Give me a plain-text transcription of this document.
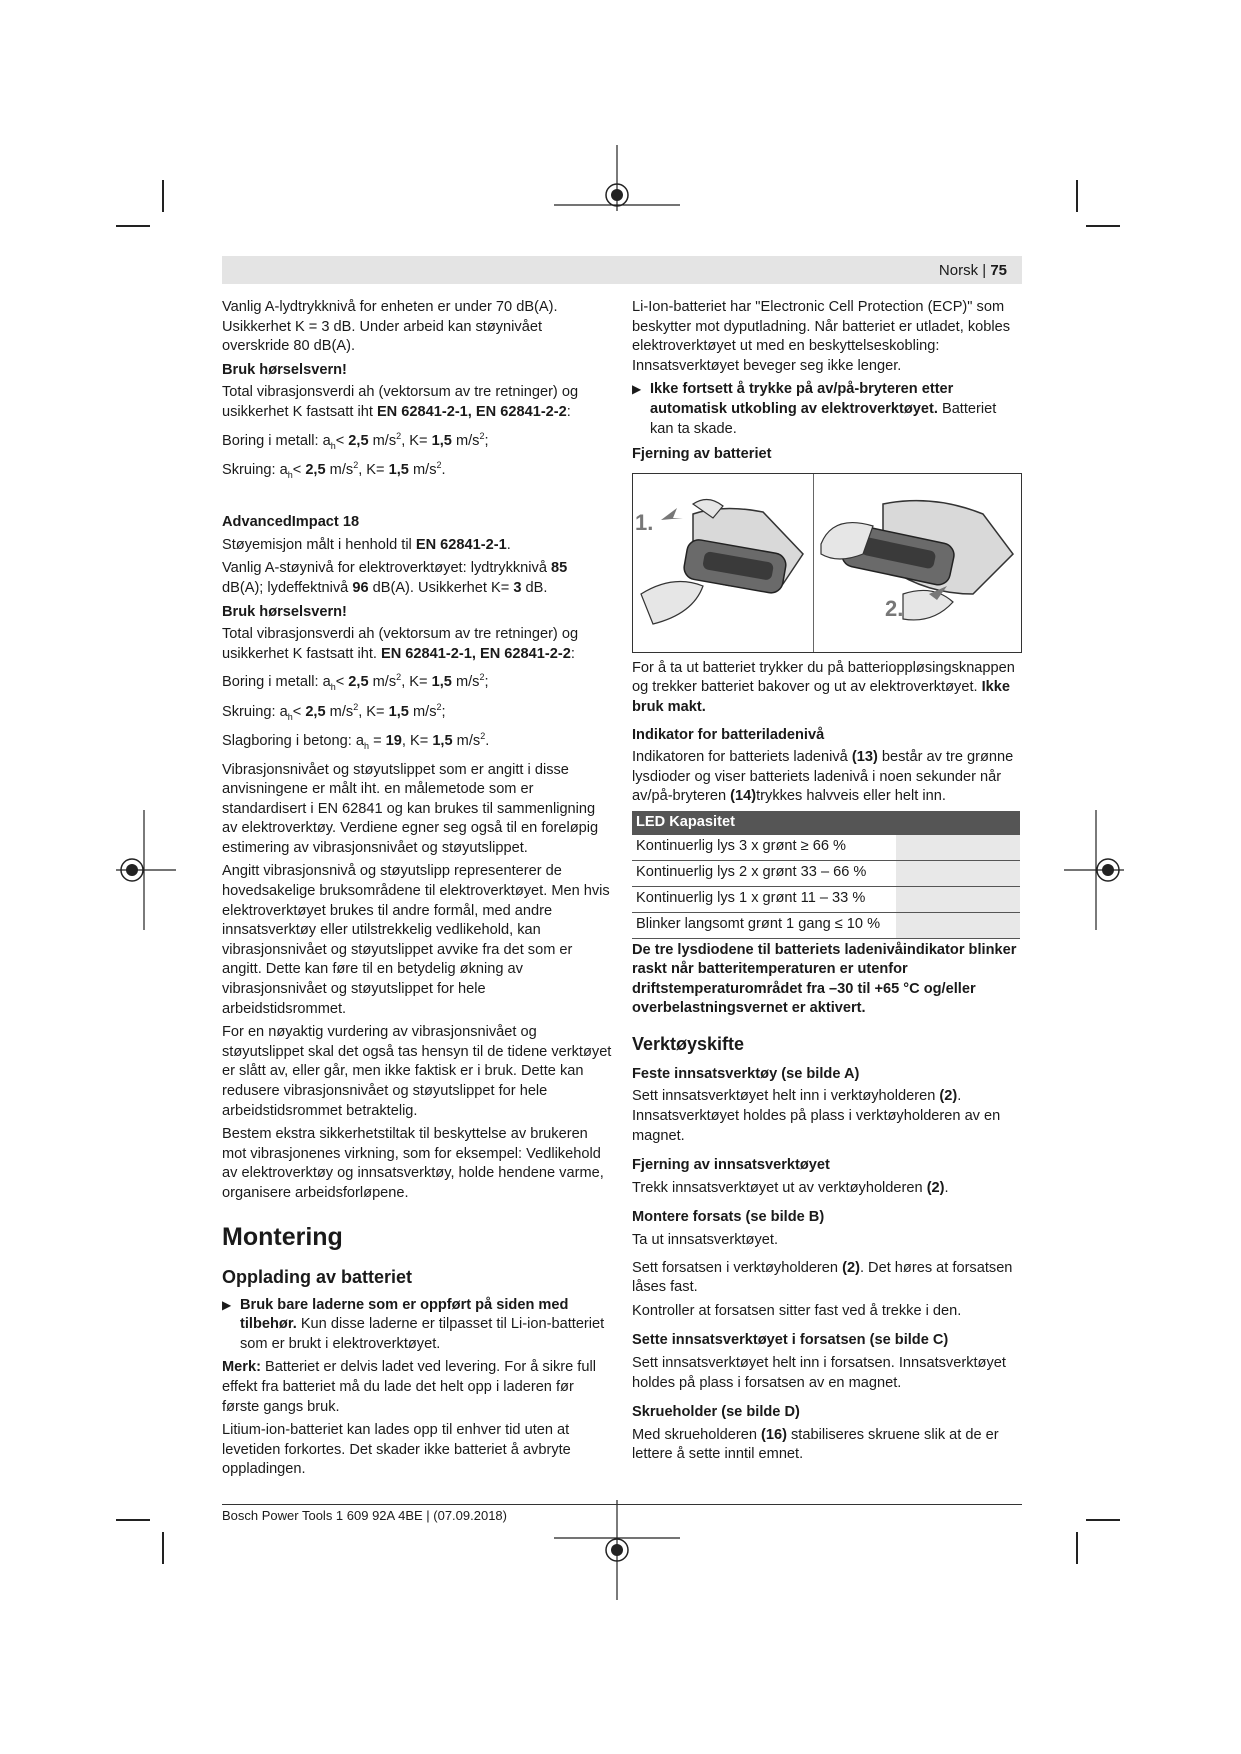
Norsk | 75

Vanlig A-lydtrykknivå for enheten er under 70 dB(A). Usikkerhet K = 3 dB. Under arbeid kan støynivået overskride 80 dB(A).

Bruk hørselsvern!

Total vibrasjonsverdi ah (vektorsum av tre retninger) og usikkerhet K fastsatt iht EN 62841-2-1, EN 62841-2-2:

Boring i metall: $a_h< 2,5$ $m/s^2$, K= 1,5 $m/s^2$;
Skruing: $a_h< 2,5$ $m/s^2$, K= 1,5 $m/s^2$.

AdvancedImpact 18

Støyemisjon målt i henhold til EN 62841-2-1.

Vanlig A-støynivå for elektroverktøyet: lydtrykknivå 85 dB(A); lydeffektnivå 96 dB(A). Usikkerhet K= 3 dB.

Bruk hørselsvern!

Total vibrasjonsverdi ah (vektorsum av tre retninger) og usikkerhet K fastsatt iht. EN 62841-2-1, EN 62841-2-2:

Boring i metall: $a_h< 2,5$ $m/s^2$, K= 1,5 $m/s^2$;
Skruing: $a_h< 2,5$ $m/s^2$, K= 1,5 $m/s^2$;
Slagboring i betong: $a_h = 19$, K= 1,5 $m/s^2$.

Vibrasjonsnivået og støyutslippet som er angitt i disse anvisningene er målt iht. en målemetode som er standardisert i EN 62841 og kan brukes til sammenligning av elektroverktøy. Verdiene egner seg også til en foreløpig estimering av vibrasjonsnivået og støyutslippet.

Angitt vibrasjonsnivå og støyutslipp representerer de hovedsakelige bruksområdene til elektroverktøyet. Men hvis elektroverktøyet brukes til andre formål, med andre innsatsverktøy eller utilstrekkelig vedlikehold, kan vibrasjonsnivået og støyutslippet avvike fra det som er angitt. Dette kan føre til en betydelig økning av vibrasjonsnivået og støyutslippet for hele arbeidstidsrommet.

For en nøyaktig vurdering av vibrasjonsnivået og støyutslippet skal det også tas hensyn til de tidene verktøyet er slått av, eller går, men ikke faktisk er i bruk. Dette kan redusere vibrasjonsnivået og støyutslippet for hele arbeidstidsrommet betraktelig.

Bestem ekstra sikkerhetstiltak til beskyttelse av brukeren mot vibrasjonenes virkning, som for eksempel: Vedlikehold av elektroverktøy og innsatsverktøy, holde hendene varme, organisere arbeidsforløpene.

Montering
Opplading av batteriet
▶ Bruk bare laderne som er oppført på siden med tilbehør. Kun disse laderne er tilpasset til Li-ion-batteriet som er brukt i elektroverktøyet.

Merk: Batteriet er delvis ladet ved levering. For å sikre full effekt fra batteriet må du lade det helt opp i laderen før første gangs bruk.

Litium-ion-batteriet kan lades opp til enhver tid uten at levetiden forkortes. Det skader ikke batteriet å avbryte oppladingen.

Li-Ion-batteriet har "Electronic Cell Protection (ECP)" som beskytter mot dyputladning. Når batteriet er utladet, kobles elektroverktøyet ut med en beskyttelseskobling: Innsatsverktøyet beveger seg ikke lenger.

▶ Ikke fortsett å trykke på av/på-bryteren etter automatisk utkobling av elektroverktøyet. Batteriet kan ta skade.

Fjerning av batteriet

1.
2.

For å ta ut batteriet trykker du på batterioppløsingsknappen og trekker batteriet bakover og ut av elektroverktøyet. Ikke bruk makt.

Indikator for batteriladenivå

Indikatoren for batteriets ladenivå (13) består av tre grønne lysdioder og viser batteriets ladenivå i noen sekunder når av/på-bryteren (14)trykkes halvveis eller helt inn.

LED Kapasitet	
Kontinuerlig lys 3 x grønt ≥ 66 %	
Kontinuerlig lys 2 x grønt 33 – 66 %	
Kontinuerlig lys 1 x grønt 11 – 33 %	
Blinker langsomt grønt 1 gang ≤ 10 %	

De tre lysdiodene til batteriets ladenivåindikator blinker raskt når batteritemperaturen er utenfor driftstemperaturområdet fra –30 til +65 °C og/eller overbelastningsvernet er aktivert.

Verktøyskifte

Feste innsatsverktøy (se bilde A)

Sett innsatsverktøyet helt inn i verktøyholderen (2).

Innsatsverktøyet holdes på plass i verktøyholderen av en magnet.

Fjerning av innsatsverktøyet

Trekk innsatsverktøyet ut av verktøyholderen (2).

Montere forsats (se bilde B)

Ta ut innsatsverktøyet.

Sett forsatsen i verktøyholderen (2). Det høres at forsatsen låses fast.

Kontroller at forsatsen sitter fast ved å trekke i den.

Sette innsatsverktøyet i forsatsen (se bilde C)

Sett innsatsverktøyet helt inn i forsatsen. Innsatsverktøyet holdes på plass i forsatsen av en magnet.

Skrueholder (se bilde D)

Med skrueholderen (16) stabiliseres skruene slik at de er lettere å sette inntil emnet.

Bosch Power Tools 1 609 92A 4BE | (07.09.2018)
